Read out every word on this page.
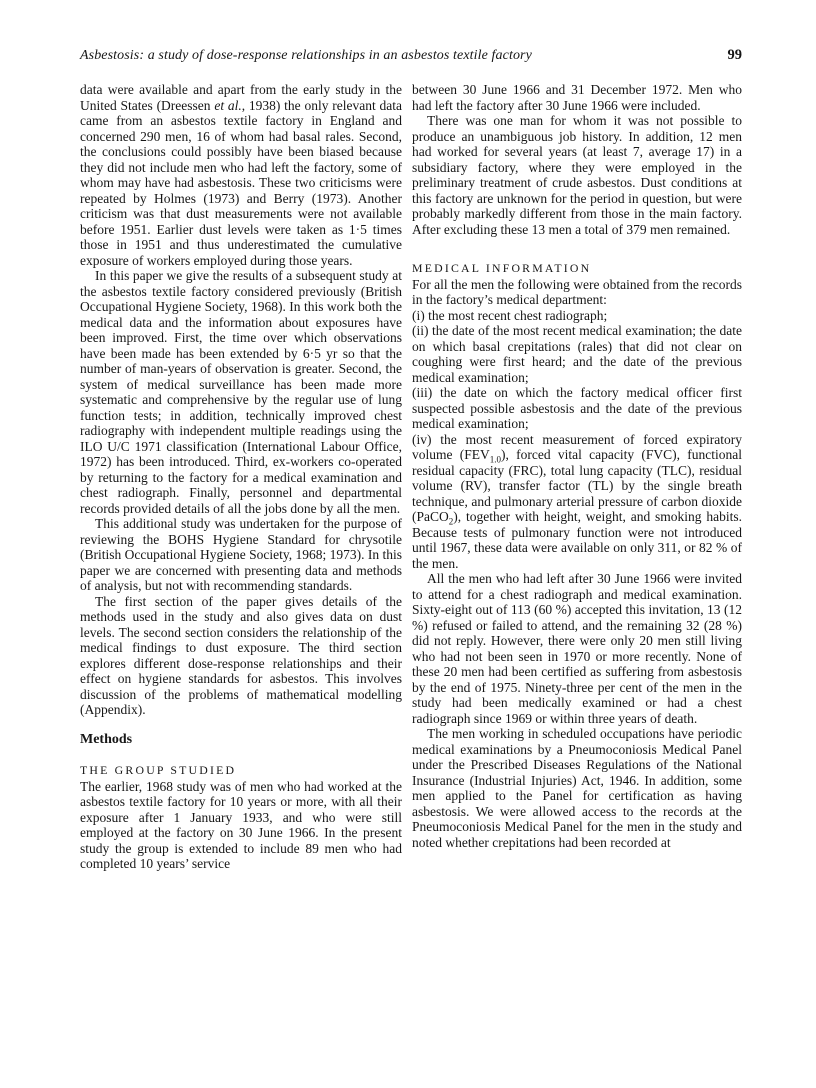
Asbestosis: a study of dose-response relationships in an asbestos textile factory	99

data were available and apart from the early study in the United States (Dreessen et al., 1938) the only relevant data came from an asbestos textile factory in England and concerned 290 men, 16 of whom had basal rales. Second, the conclusions could possibly have been biased because they did not include men who had left the factory, some of whom may have had asbestosis. These two criticisms were repeated by Holmes (1973) and Berry (1973). Another criticism was that dust measurements were not available before 1951. Earlier dust levels were taken as 1·5 times those in 1951 and thus underestimated the cumulative exposure of workers employed during those years.

In this paper we give the results of a subsequent study at the asbestos textile factory considered previously (British Occupational Hygiene Society, 1968). In this work both the medical data and the information about exposures have been improved. First, the time over which observations have been made has been extended by 6·5 yr so that the number of man-years of observation is greater. Second, the system of medical surveillance has been made more systematic and comprehensive by the regular use of lung function tests; in addition, technically improved chest radiography with independent multiple readings using the ILO U/C 1971 classification (International Labour Office, 1972) has been introduced. Third, ex-workers co-operated by returning to the factory for a medical examination and chest radiograph. Finally, personnel and departmental records provided details of all the jobs done by all the men.

This additional study was undertaken for the purpose of reviewing the BOHS Hygiene Standard for chrysotile (British Occupational Hygiene Society, 1968; 1973). In this paper we are concerned with presenting data and methods of analysis, but not with recommending standards.

The first section of the paper gives details of the methods used in the study and also gives data on dust levels. The second section considers the relationship of the medical findings to dust exposure. The third section explores different dose-response relationships and their effect on hygiene standards for asbestos. This involves discussion of the problems of mathematical modelling (Appendix).

Methods
THE GROUP STUDIED

The earlier, 1968 study was of men who had worked at the asbestos textile factory for 10 years or more, with all their exposure after 1 January 1933, and who were still employed at the factory on 30 June 1966. In the present study the group is extended to include 89 men who had completed 10 years’ service

between 30 June 1966 and 31 December 1972. Men who had left the factory after 30 June 1966 were included.

There was one man for whom it was not possible to produce an unambiguous job history. In addition, 12 men had worked for several years (at least 7, average 17) in a subsidiary factory, where they were employed in the preliminary treatment of crude asbestos. Dust conditions at this factory are unknown for the period in question, but were probably markedly different from those in the main factory. After excluding these 13 men a total of 379 men remained.

MEDICAL INFORMATION

For all the men the following were obtained from the records in the factory’s medical department:

(i) the most recent chest radiograph;

(ii) the date of the most recent medical examination; the date on which basal crepitations (rales) that did not clear on coughing were first heard; and the date of the previous medical examination;

(iii) the date on which the factory medical officer first suspected possible asbestosis and the date of the previous medical examination;

(iv) the most recent measurement of forced expiratory volume $(FEV_{1.0})$, forced vital capacity (FVC), functional residual capacity (FRC), total lung capacity (TLC), residual volume (RV), transfer factor (TL) by the single breath technique, and pulmonary arterial pressure of carbon dioxide (PaCO$_2$), together with height, weight, and smoking habits. Because tests of pulmonary function were not introduced until 1967, these data were available on only 311, or 82 % of the men.

All the men who had left after 30 June 1966 were invited to attend for a chest radiograph and medical examination. Sixty-eight out of 113 (60 %) accepted this invitation, 13 (12 %) refused or failed to attend, and the remaining 32 (28 %) did not reply. However, there were only 20 men still living who had not been seen in 1970 or more recently. None of these 20 men had been certified as suffering from asbestosis by the end of 1975. Ninety-three per cent of the men in the study had been medically examined or had a chest radiograph since 1969 or within three years of death.

The men working in scheduled occupations have periodic medical examinations by a Pneumoconiosis Medical Panel under the Prescribed Diseases Regulations of the National Insurance (Industrial Injuries) Act, 1946. In addition, some men applied to the Panel for certification as having asbestosis. We were allowed access to the records at the Pneumoconiosis Medical Panel for the men in the study and noted whether crepitations had been recorded at
